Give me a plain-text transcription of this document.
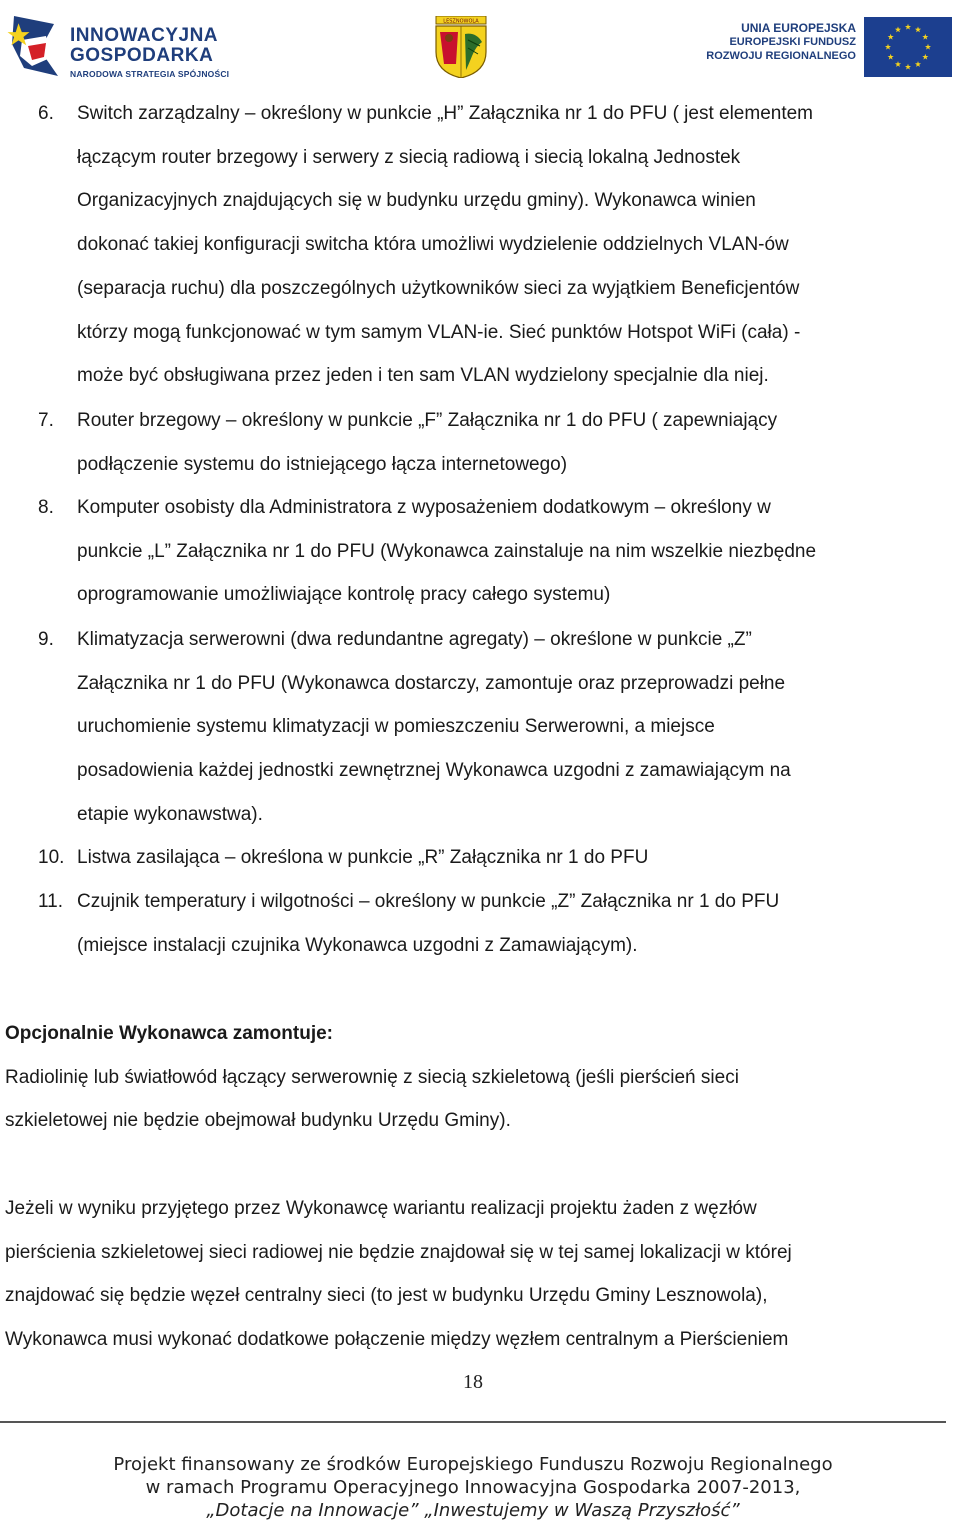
INNOWACYJNA
GOSPODARKA
NARODOWA STRATEGIA SPÓJNOŚCI
LESZNOWOLA	UNIA EUROPEJSKA
EUROPEJSKI FUNDUSZ
ROZWOJU REGIONALNEGO
6. Switch zarządzalny – określony w punkcie „H” Załącznika nr 1 do PFU ( jest elementem
łączącym router brzegowy i serwery z siecią radiową i siecią lokalną Jednostek
Organizacyjnych znajdujących się w budynku urzędu gminy). Wykonawca winien
dokonać takiej konfiguracji switcha która umożliwi wydzielenie oddzielnych VLAN-ów
(separacja ruchu) dla poszczególnych użytkowników sieci za wyjątkiem Beneficjentów
którzy mogą funkcjonować w tym samym VLAN-ie. Sieć punktów Hotspot WiFi (cała) -
może być obsługiwana przez jeden i ten sam VLAN wydzielony specjalnie dla niej.
7. Router brzegowy – określony w punkcie „F” Załącznika nr 1 do PFU ( zapewniający
podłączenie systemu do istniejącego łącza internetowego)
8. Komputer osobisty dla Administratora z wyposażeniem dodatkowym – określony w
punkcie „L” Załącznika nr 1 do PFU (Wykonawca zainstaluje na nim wszelkie niezbędne
oprogramowanie umożliwiające kontrolę pracy całego systemu)
9. Klimatyzacja serwerowni (dwa redundantne agregaty) – określone w punkcie „Z”
Załącznika nr 1 do PFU (Wykonawca dostarczy, zamontuje oraz przeprowadzi pełne
uruchomienie systemu klimatyzacji w pomieszczeniu Serwerowni, a miejsce
posadowienia każdej jednostki zewnętrznej Wykonawca uzgodni z zamawiającym na
etapie wykonawstwa).
10. Listwa zasilająca – określona w punkcie „R” Załącznika nr 1 do PFU
11. Czujnik temperatury i wilgotności – określony w punkcie „Z” Załącznika nr 1 do PFU
(miejsce instalacji czujnika Wykonawca uzgodni z Zamawiającym).
Opcjonalnie Wykonawca zamontuje:
Radiolinię lub światłowód łączący serwerownię z siecią szkieletową (jeśli pierścień sieci
szkieletowej nie będzie obejmował budynku Urzędu Gminy).
Jeżeli w wyniku przyjętego przez Wykonawcę wariantu realizacji projektu żaden z węzłów
pierścienia szkieletowej sieci radiowej nie będzie znajdował się w tej samej lokalizacji w której
znajdować się będzie węzeł centralny sieci (to jest w budynku Urzędu Gminy Lesznowola),
Wykonawca musi wykonać dodatkowe połączenie między węzłem centralnym a Pierścieniem
18
Projekt finansowany ze środków Europejskiego Funduszu Rozwoju Regionalnego
w ramach Programu Operacyjnego Innowacyjna Gospodarka 2007-2013,
„Dotacje na Innowacje” „Inwestujemy w Waszą Przyszłość”
